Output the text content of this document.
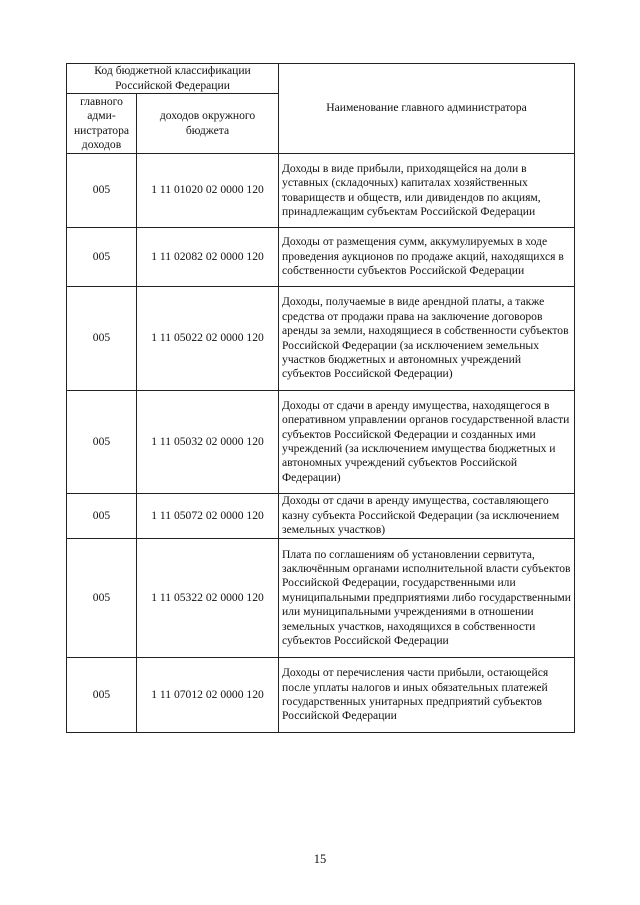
Код бюджетной классификации Российской Федерации		Наименование главного администратора
главного адми-нистратора доходов	доходов окружного бюджета	
005	1 11 01020 02 0000 120	Доходы в виде прибыли, приходящейся на доли в уставных (складочных) капиталах хозяйственных товариществ и обществ, или дивидендов по акциям, принадлежащим субъектам Российской Федерации
005	1 11 02082 02 0000 120	Доходы от размещения сумм, аккумулируемых в ходе проведения аукционов по продаже акций, находящихся в собственности субъектов Российской Федерации
005	1 11 05022 02 0000 120	Доходы, получаемые в виде арендной платы, а также средства от продажи права на заключение договоров аренды за земли, находящиеся в собственности субъектов Российской Федерации (за исключением земельных участков бюджетных и автономных учреждений субъектов Российской Федерации)
005	1 11 05032 02 0000 120	Доходы от сдачи в аренду имущества, находящегося в оперативном управлении органов государственной власти субъектов Российской Федерации и созданных ими учреждений (за исключением имущества бюджетных и автономных учреждений субъектов Российской Федерации)
005	1 11 05072 02 0000 120	Доходы от сдачи в аренду имущества, составляющего казну субъекта Российской Федерации (за исключением земельных участков)
005	1 11 05322 02 0000 120	Плата по соглашениям об установлении сервитута, заключённым органами исполнительной власти субъектов Российской Федерации, государственными или муниципальными предприятиями либо государственными или муниципальными учреждениями в отношении земельных участков, находящихся в собственности субъектов Российской Федерации
005	1 11 07012 02 0000 120	Доходы от перечисления части прибыли, остающейся после уплаты налогов и иных обязательных платежей государственных унитарных предприятий субъектов Российской Федерации
15
